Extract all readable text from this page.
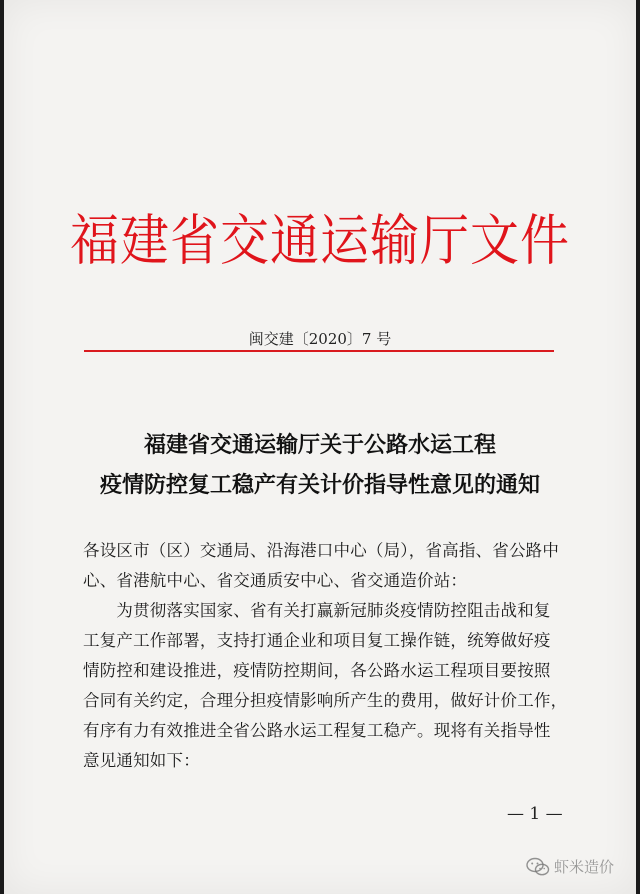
福建省交通运输厅文件
闽交建〔2020〕7 号
福建省交通运输厅关于公路水运工程
疫情防控复工稳产有关计价指导性意见的通知
各设区市（区）交通局、沿海港口中心（局），省高指、省公路中
心、省港航中心、省交通质安中心、省交通造价站：
　　为贯彻落实国家、省有关打赢新冠肺炎疫情防控阻击战和复
工复产工作部署，支持打通企业和项目复工操作链，统筹做好疫
情防控和建设推进，疫情防控期间，各公路水运工程项目要按照
合同有关约定，合理分担疫情影响所产生的费用，做好计价工作，
有序有力有效推进全省公路水运工程复工稳产。现将有关指导性
意见通知如下：
— 1 —
虾米造价
